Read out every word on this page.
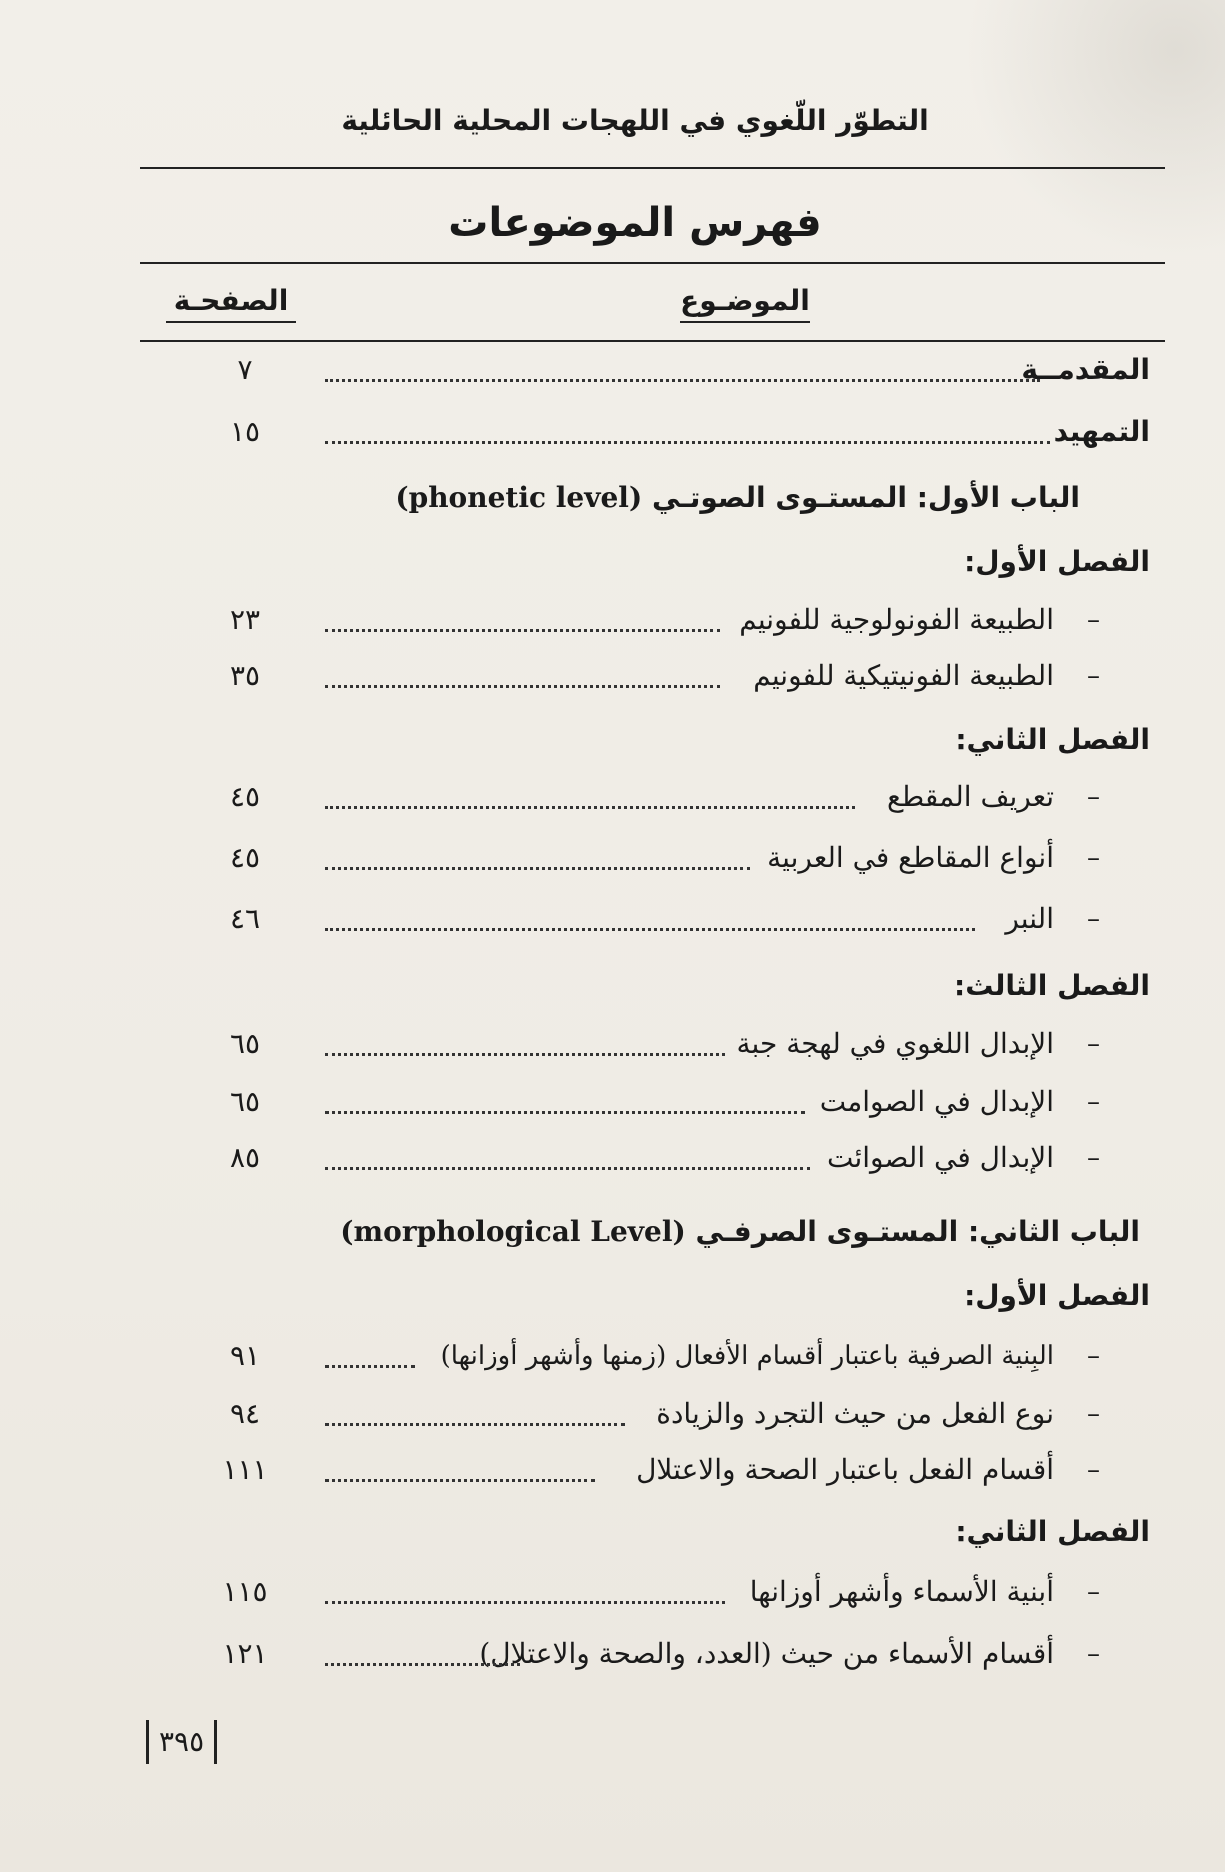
التطوّر اللّغوي في اللهجات المحلية الحائلية
فهرس الموضوعات
الموضـوع
الصفحـة
المقدمــة
٧
التمهيد
١٥
الباب الأول: المستـوى الصوتـي (phonetic level)
الفصل الأول:
–
الطبيعة الفونولوجية للفونيم
٢٣
–
الطبيعة الفونيتيكية للفونيم
٣٥
الفصل الثاني:
–
تعريف المقطع
٤٥
–
أنواع المقاطع في العربية
٤٥
–
النبر
٤٦
الفصل الثالث:
–
الإبدال اللغوي في لهجة جبة
٦٥
–
الإبدال في الصوامت
٦٥
–
الإبدال في الصوائت
٨٥
الباب الثاني: المستـوى الصرفـي (morphological Level)
الفصل الأول:
–
البِنية الصرفية باعتبار أقسام الأفعال (زمنها وأشهر أوزانها)
٩١
–
نوع الفعل من حيث التجرد والزيادة
٩٤
–
أقسام الفعل باعتبار الصحة والاعتلال
١١١
الفصل الثاني:
–
أبنية الأسماء وأشهر أوزانها
١١٥
–
أقسام الأسماء من حيث (العدد، والصحة والاعتلال)
١٢١
٣٩٥
